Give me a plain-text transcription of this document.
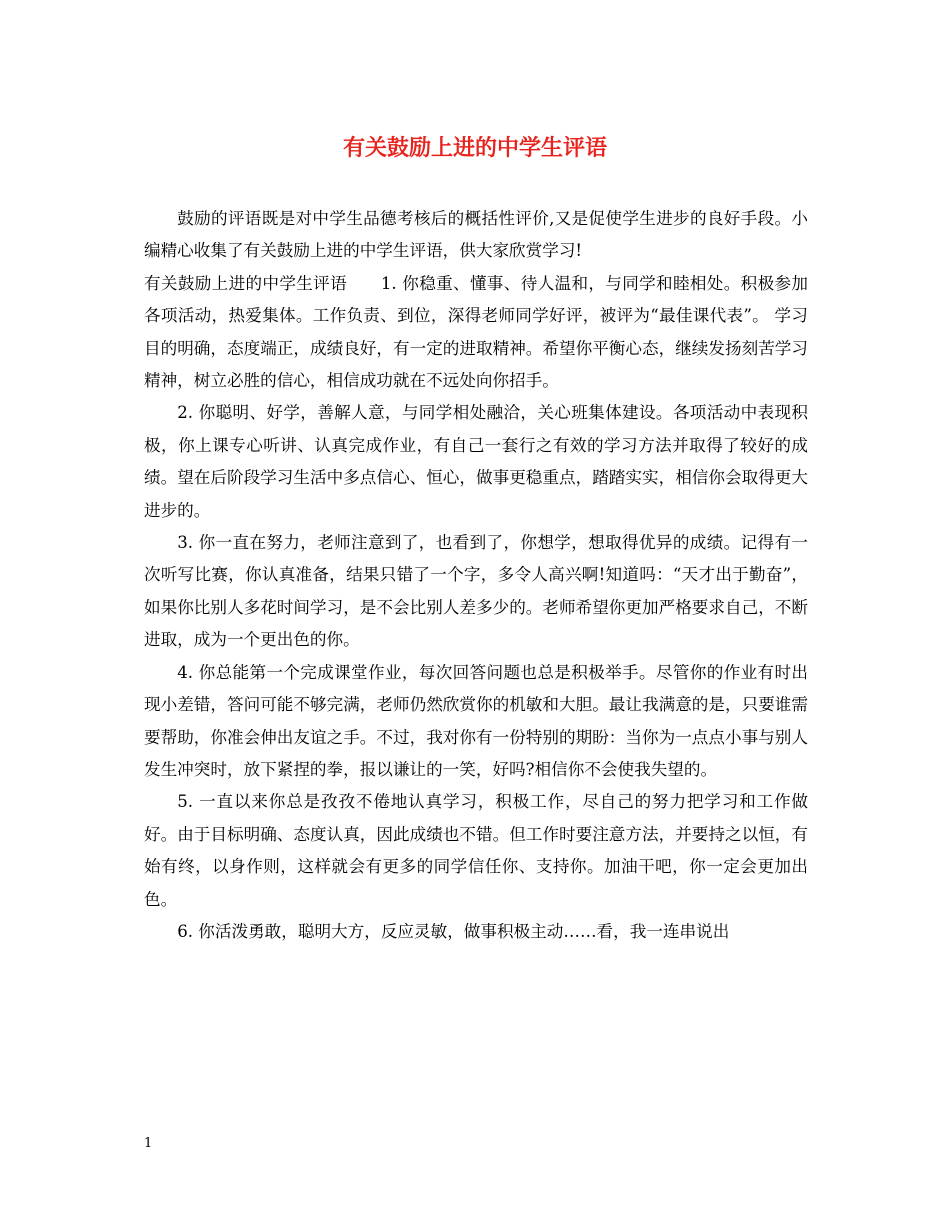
有关鼓励上进的中学生评语

鼓励的评语既是对中学生品德考核后的概括性评价,又是促使学生进步的良好手段。小编精心收集了有关鼓励上进的中学生评语，供大家欣赏学习!

有关鼓励上进的中学生评语　　1. 你稳重、懂事、待人温和，与同学和睦相处。积极参加各项活动，热爱集体。工作负责、到位，深得老师同学好评，被评为“最佳课代表”。 学习目的明确，态度端正，成绩良好，有一定的进取精神。希望你平衡心态，继续发扬刻苦学习精神，树立必胜的信心，相信成功就在不远处向你招手。

2. 你聪明、好学，善解人意，与同学相处融洽，关心班集体建设。各项活动中表现积极，你上课专心听讲、认真完成作业，有自己一套行之有效的学习方法并取得了较好的成绩。望在后阶段学习生活中多点信心、恒心，做事更稳重点，踏踏实实，相信你会取得更大进步的。

3. 你一直在努力，老师注意到了，也看到了，你想学，想取得优异的成绩。记得有一次听写比赛，你认真准备，结果只错了一个字，多令人高兴啊!知道吗：“天才出于勤奋”，如果你比别人多花时间学习，是不会比别人差多少的。老师希望你更加严格要求自己，不断进取，成为一个更出色的你。

4. 你总能第一个完成课堂作业，每次回答问题也总是积极举手。尽管你的作业有时出现小差错，答问可能不够完满，老师仍然欣赏你的机敏和大胆。最让我满意的是，只要谁需要帮助，你准会伸出友谊之手。不过，我对你有一份特别的期盼：当你为一点点小事与别人发生冲突时，放下紧捏的拳，报以谦让的一笑，好吗?相信你不会使我失望的。

5. 一直以来你总是孜孜不倦地认真学习，积极工作，尽自己的努力把学习和工作做好。由于目标明确、态度认真，因此成绩也不错。但工作时要注意方法，并要持之以恒，有始有终，以身作则，这样就会有更多的同学信任你、支持你。加油干吧，你一定会更加出色。

6. 你活泼勇敢，聪明大方，反应灵敏，做事积极主动……看，我一连串说出

1
